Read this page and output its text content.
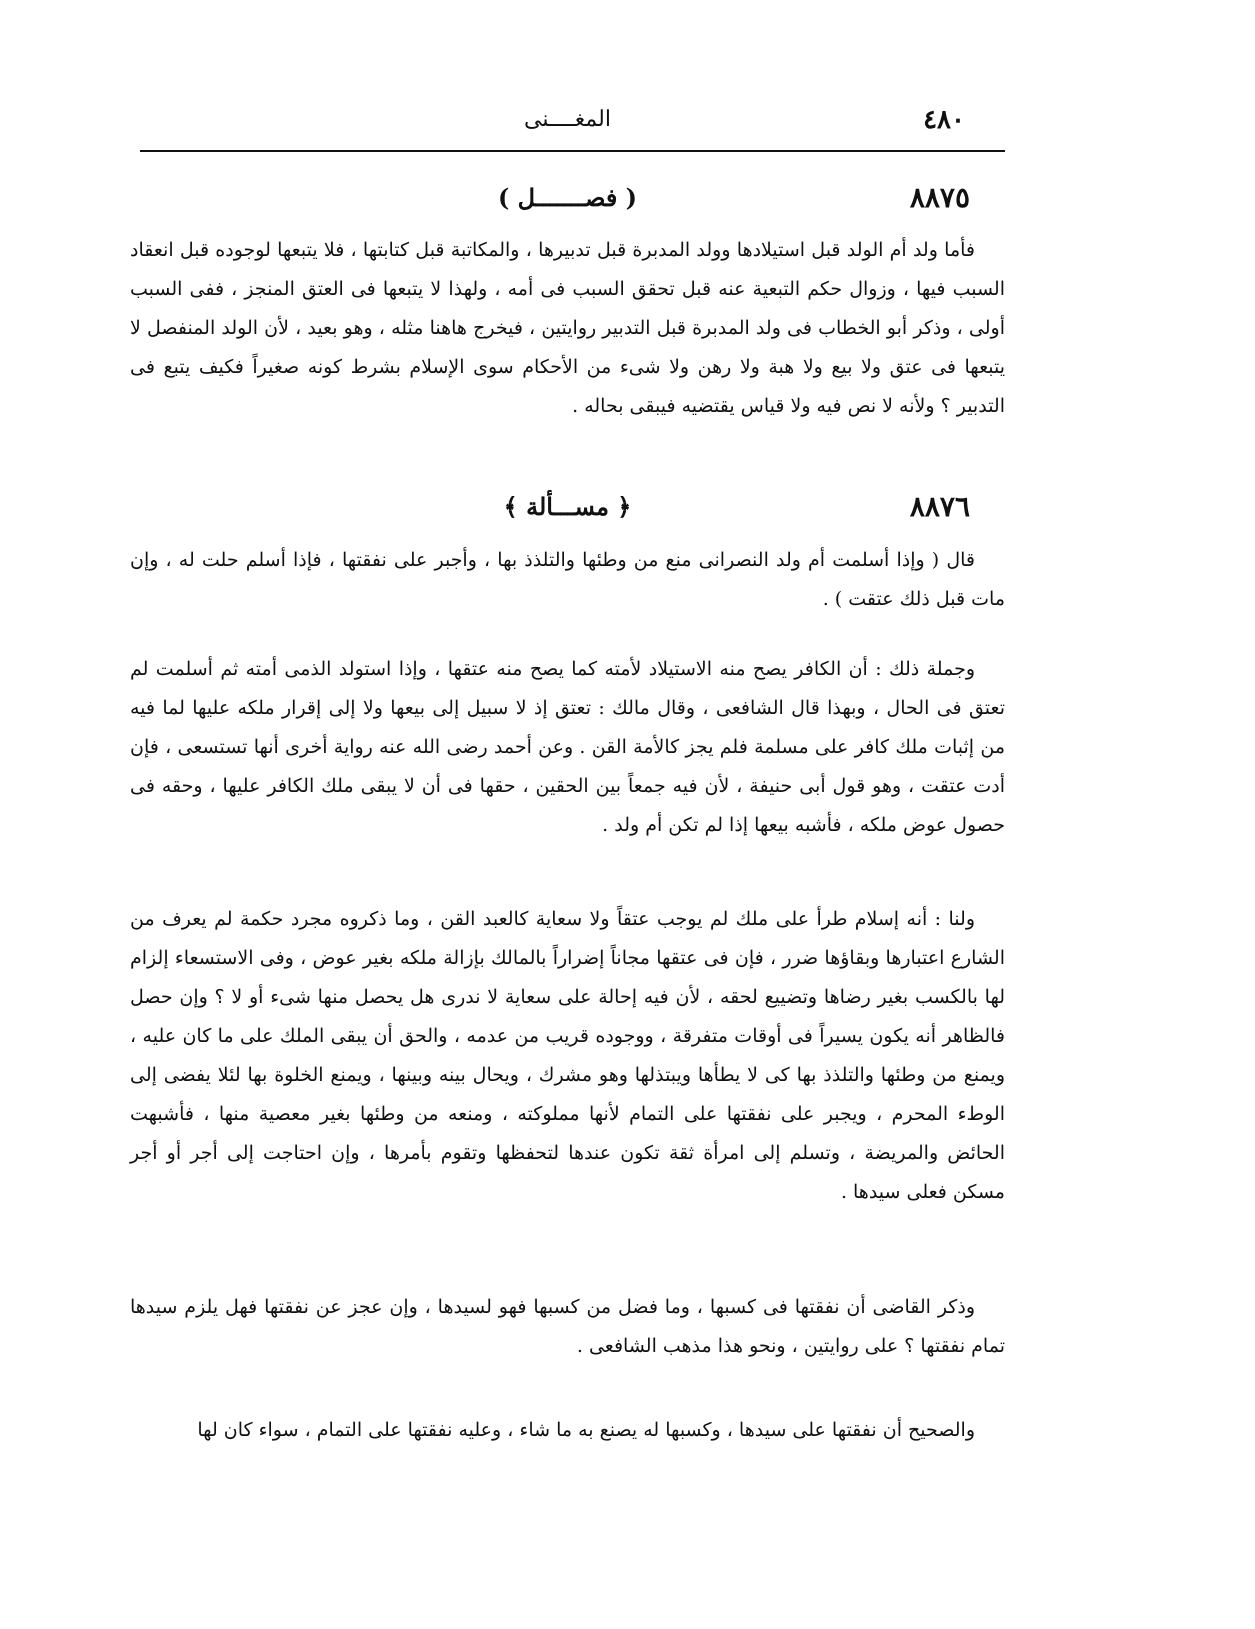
٤٨٠
المغــــنى
٨٨٧٥
( فصـــــــل )

فأما ولد أم الولد قبل استيلادها وولد المدبرة قبل تدبيرها ، والمكاتبة قبل كتابتها ، فلا يتبعها لوجوده قبل انعقاد السبب فيها ، وزوال حكم التبعية عنه قبل تحقق السبب فى أمه ، ولهذا لا يتبعها فى العتق المنجز ، ففى السبب أولى ، وذكر أبو الخطاب فى ولد المدبرة قبل التدبير روايتين ، فيخرج هاهنا مثله ، وهو بعيد ، لأن الولد المنفصل لا يتبعها فى عتق ولا بيع ولا هبة ولا رهن ولا شىء من الأحكام سوى الإسلام بشرط كونه صغيراً فكيف يتبع فى التدبير ؟ ولأنه لا نص فيه ولا قياس يقتضيه فيبقى بحاله .

٨٨٧٦
﴿ مســـألة ﴾

قال ( وإذا أسلمت أم ولد النصرانى منع من وطئها والتلذذ بها ، وأجبر على نفقتها ، فإذا أسلم حلت له ، وإن مات قبل ذلك عتقت ) .

وجملة ذلك : أن الكافر يصح منه الاستيلاد لأمته كما يصح منه عتقها ، وإذا استولد الذمى أمته ثم أسلمت لم تعتق فى الحال ، وبهذا قال الشافعى ، وقال مالك : تعتق إذ لا سبيل إلى بيعها ولا إلى إقرار ملكه عليها لما فيه من إثبات ملك كافر على مسلمة فلم يجز كالأمة القن . وعن أحمد رضى الله عنه رواية أخرى أنها تستسعى ، فإن أدت عتقت ، وهو قول أبى حنيفة ، لأن فيه جمعاً بين الحقين ، حقها فى أن لا يبقى ملك الكافر عليها ، وحقه فى حصول عوض ملكه ، فأشبه بيعها إذا لم تكن أم ولد .

ولنا : أنه إسلام طرأ على ملك لم يوجب عتقاً ولا سعاية كالعبد القن ، وما ذكروه مجرد حكمة لم يعرف من الشارع اعتبارها وبقاؤها ضرر ، فإن فى عتقها مجاناً إضراراً بالمالك بإزالة ملكه بغير عوض ، وفى الاستسعاء إلزام لها بالكسب بغير رضاها وتضييع لحقه ، لأن فيه إحالة على سعاية لا ندرى هل يحصل منها شىء أو لا ؟ وإن حصل فالظاهر أنه يكون يسيراً فى أوقات متفرقة ، ووجوده قريب من عدمه ، والحق أن يبقى الملك على ما كان عليه ، ويمنع من وطئها والتلذذ بها كى لا يطأها ويبتذلها وهو مشرك ، ويحال بينه وبينها ، ويمنع الخلوة بها لئلا يفضى إلى الوطء المحرم ، ويجبر على نفقتها على التمام لأنها مملوكته ، ومنعه من وطئها بغير معصية منها ، فأشبهت الحائض والمريضة ، وتسلم إلى امرأة ثقة تكون عندها لتحفظها وتقوم بأمرها ، وإن احتاجت إلى أجر أو أجر مسكن فعلى سيدها .

وذكر القاضى أن نفقتها فى كسبها ، وما فضل من كسبها فهو لسيدها ، وإن عجز عن نفقتها فهل يلزم سيدها تمام نفقتها ؟ على روايتين ، ونحو هذا مذهب الشافعى .

والصحيح أن نفقتها على سيدها ، وكسبها له يصنع به ما شاء ، وعليه نفقتها على التمام ، سواء كان لها
